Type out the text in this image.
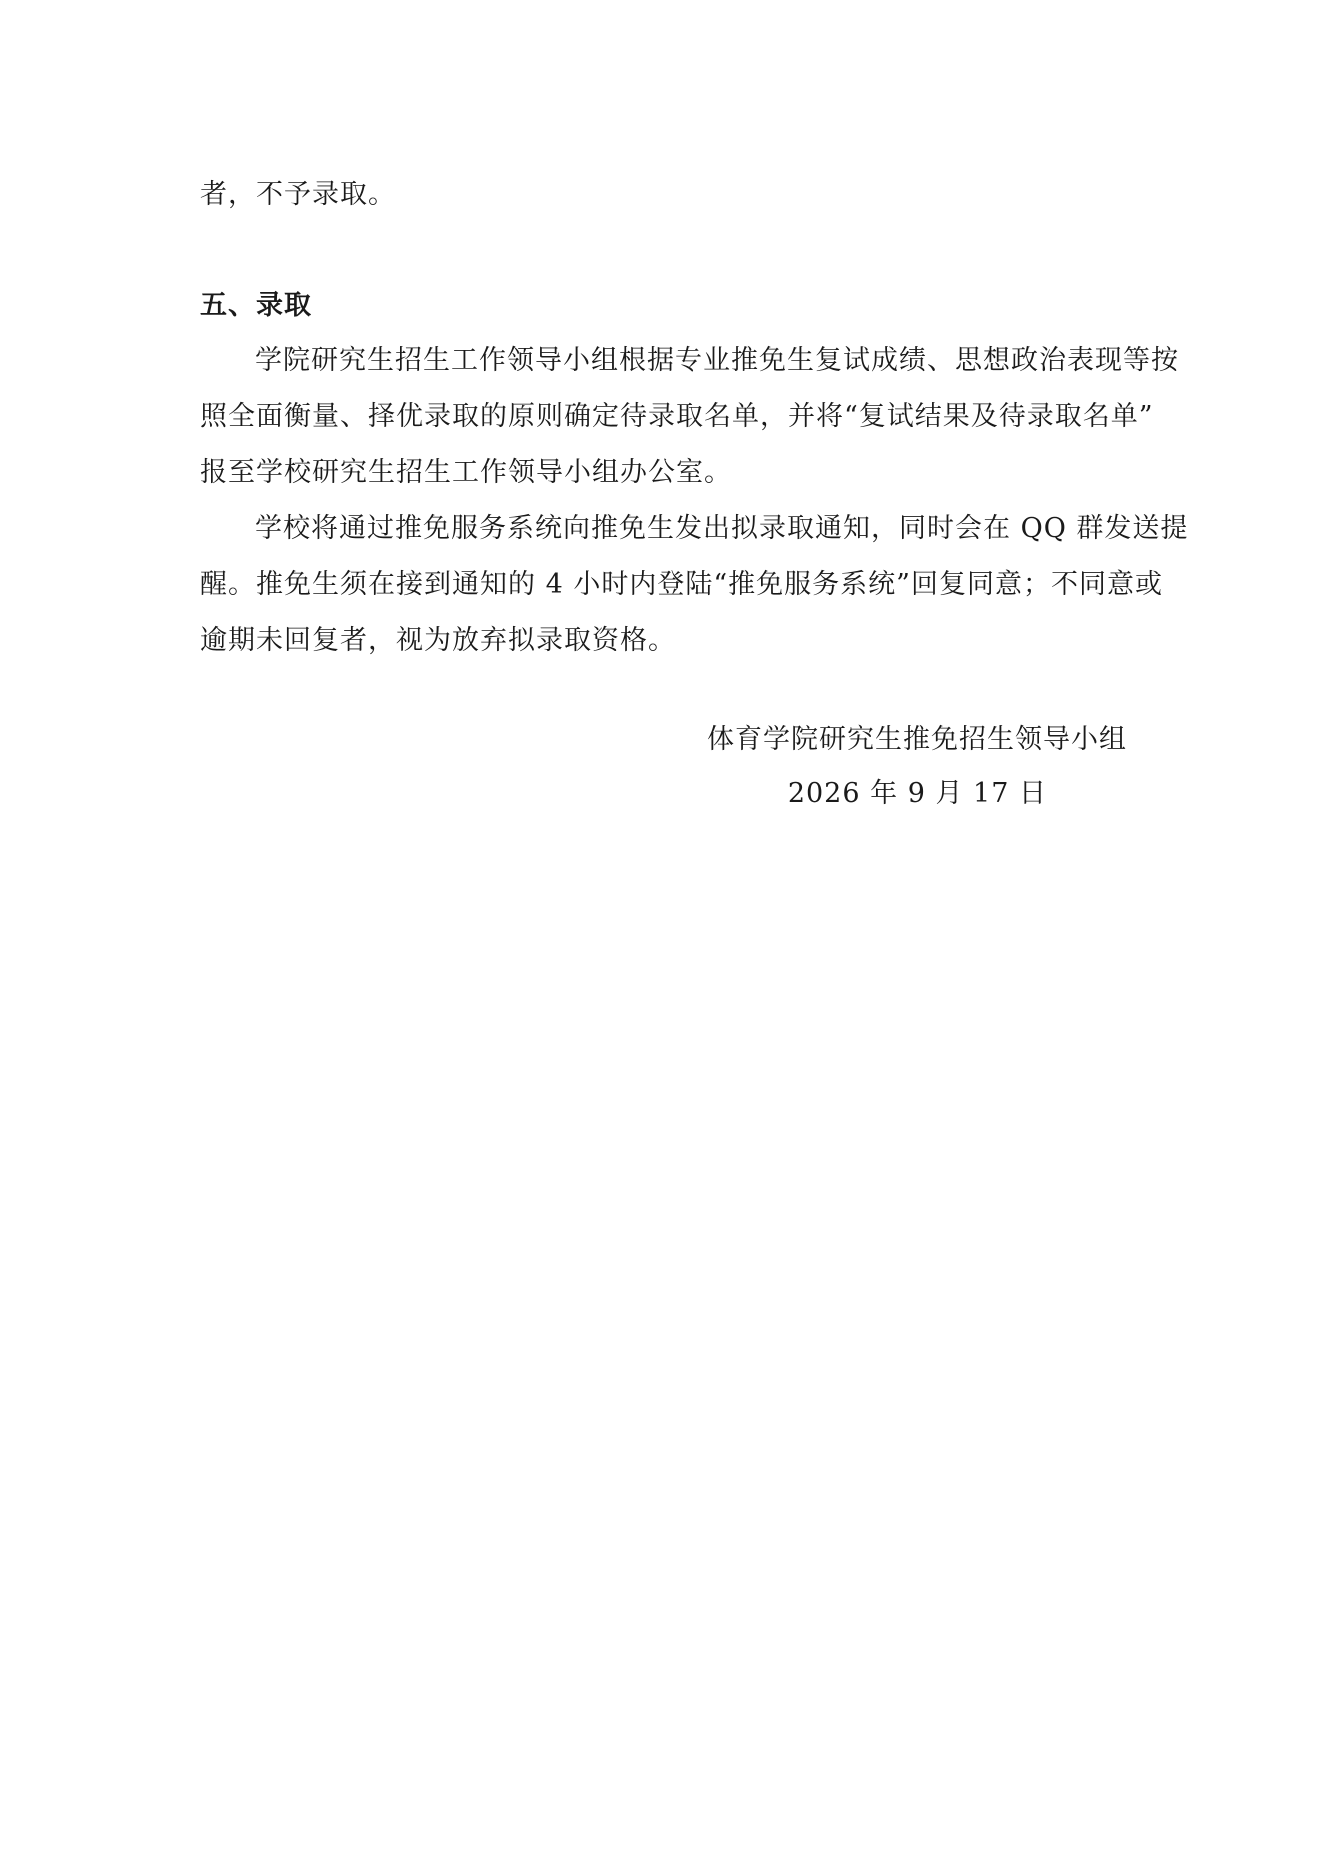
者，不予录取。
五、录取
学院研究生招生工作领导小组根据专业推免生复试成绩、思想政治表现等按
照全面衡量、择优录取的原则确定待录取名单，并将“复试结果及待录取名单”
报至学校研究生招生工作领导小组办公室。
学校将通过推免服务系统向推免生发出拟录取通知，同时会在 QQ 群发送提
醒。推免生须在接到通知的 4 小时内登陆“推免服务系统”回复同意；不同意或
逾期未回复者，视为放弃拟录取资格。
体育学院研究生推免招生领导小组
2026 年 9 月 17 日
